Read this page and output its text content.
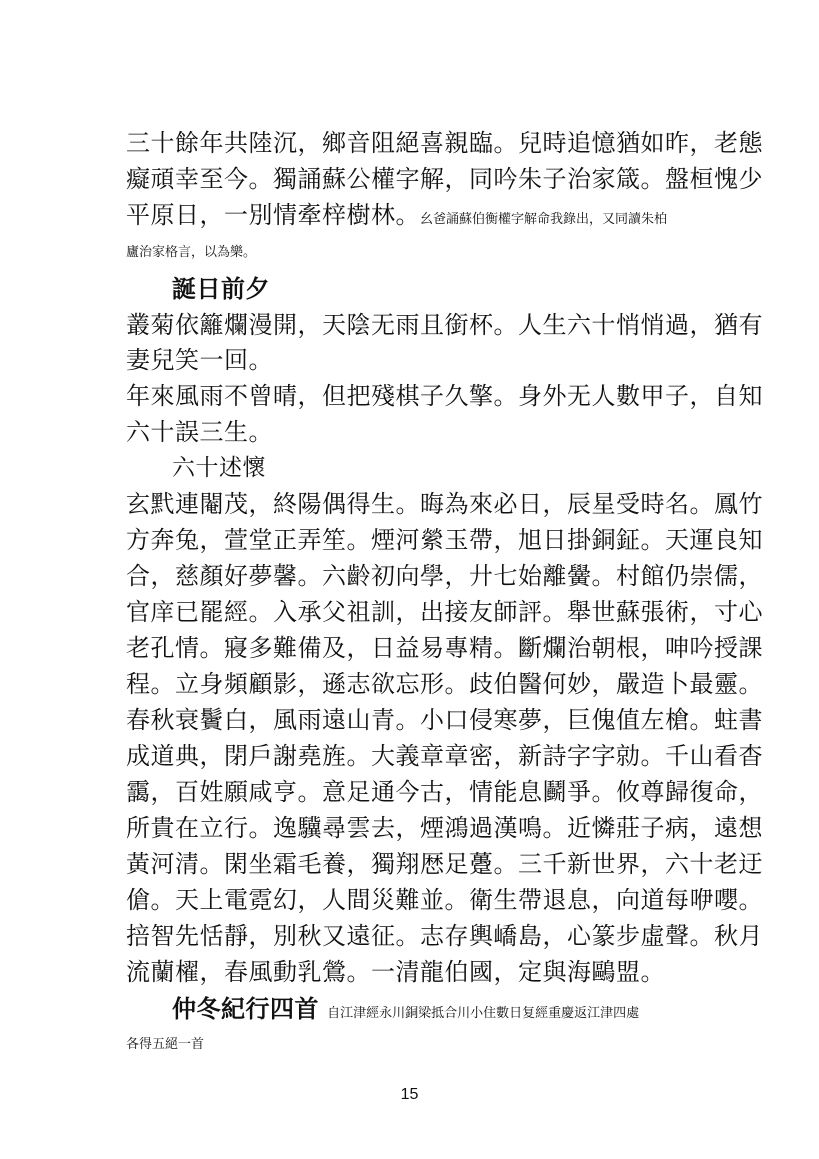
三十餘年共陸沉，鄉音阻絕喜親臨。兒時追憶猶如昨，老態
癡頑幸至今。獨誦蘇公權字解，同吟朱子治家箴。盤桓愧少
平原日，一別情牽梓樹林。幺爸誦蘇伯衡權字解命我錄出，又同讀朱柏
廬治家格言，以為樂。
誕日前夕
叢菊依籬爛漫開，天陰无雨且銜杯。人生六十悄悄過，猶有
妻兒笑一回。
年來風雨不曾晴，但把殘棋子久擎。身外无人數甲子，自知
六十誤三生。
六十述懷
玄黓連閹茂，終陽偶得生。晦為來必日，辰星受時名。鳳竹
方奔兔，萱堂正弄笙。煙河縈玉帶，旭日掛銅鉦。天運良知
合，慈顏好夢馨。六齡初向學，廾七始離黌。村館仍崇儒，
官庠已罷經。入承父祖訓，出接友師評。舉世蘇張術，寸心
老孔情。寢多難備及，日益易專精。斷爛治朝根，呻吟授課
程。立身頻顧影，遜志欲忘形。歧伯醫何妙，嚴造卜最靈。
春秋衰鬢白，風雨遠山青。小口侵寒夢，巨傀值左槍。蛀書
成道典，閉戶謝堯旌。大義章章密，新詩字字勍。千山看杳
靄，百姓願咸亨。意足通今古，情能息鬬爭。攸尊歸復命，
所貴在立行。逸驥尋雲去，煙鴻過漢鳴。近憐莊子病，遠想
黃河清。閑坐霜毛養，獨翔厯足躉。三千新世界，六十老迂
傖。天上電霓幻，人間災難並。衛生帶退息，向道每咿嚶。
掊智先恬靜，別秋又遠征。志存輿嶠島，心篆步虛聲。秋月
流蘭櫂，春風動乳鶯。一清龍伯國，定與海鷗盟。
仲冬紀行四首 自江津經永川銅梁抵合川小住數日复經重慶返江津四處
各得五絕一首
15
